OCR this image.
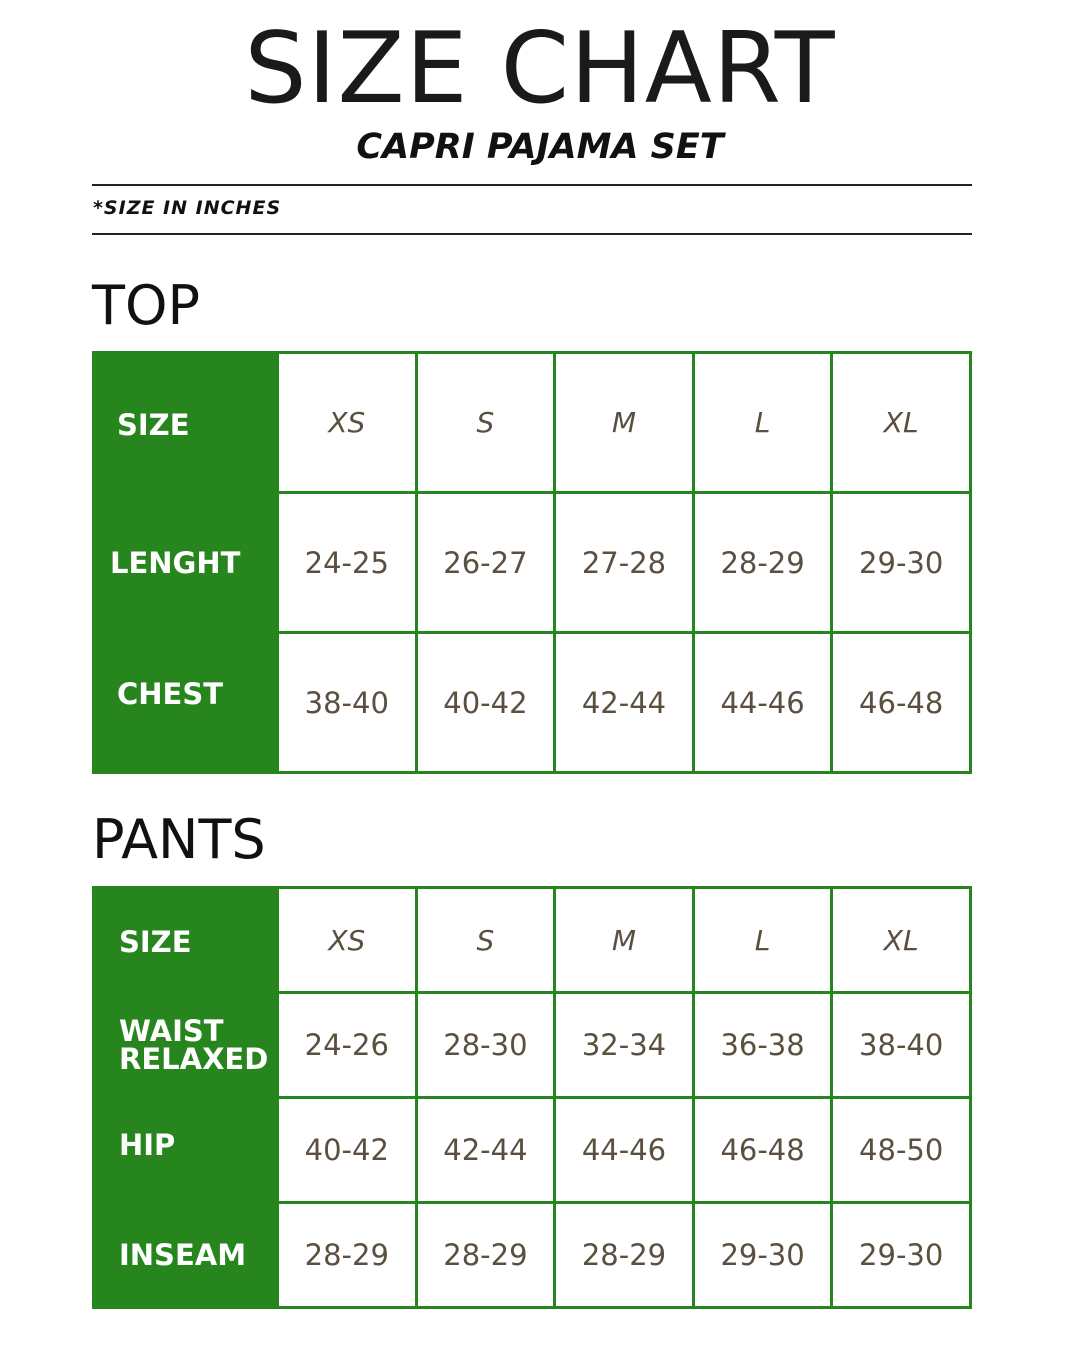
SIZE CHART
CAPRI PAJAMA SET
*SIZE IN INCHES
TOP
SIZE	XS	S	M	L	XL
LENGHT	24-25	26-27	27-28	28-29	29-30
CHEST	38-40	40-42	42-44	44-46	46-48
PANTS
SIZE	XS	S	M	L	XL

WAIST
RELAXED	24-26	28-30	32-34	36-38	38-40
HIP	40-42	42-44	44-46	46-48	48-50
INSEAM	28-29	28-29	28-29	29-30	29-30
